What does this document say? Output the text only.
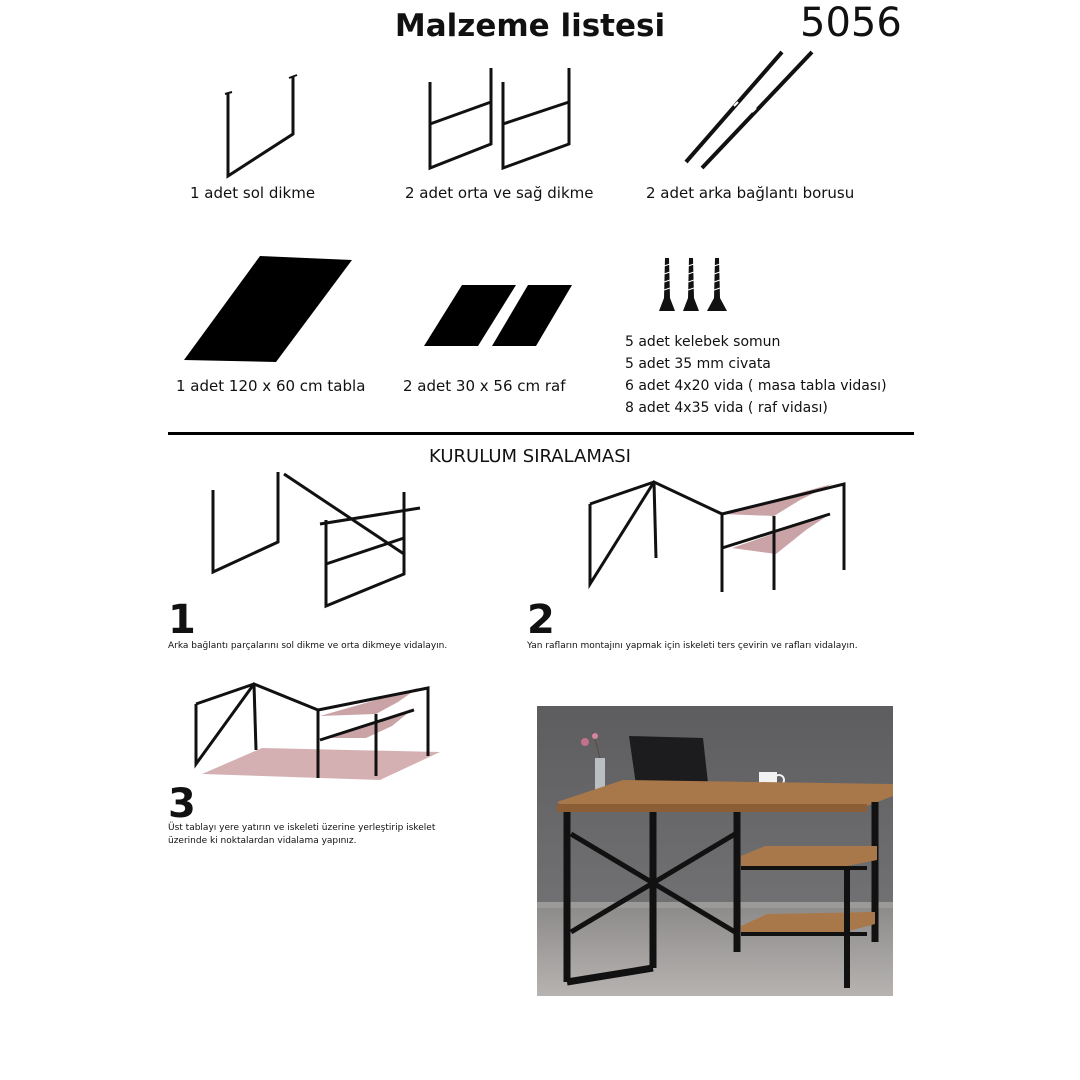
Malzeme listesi	5056
1 adet sol dikme	2 adet orta ve sağ dikme	2 adet arka bağlantı borusu
1 adet 120 x 60 cm tabla	2 adet 30 x 56 cm raf
5 adet kelebek somun
5 adet 35 mm civata
6 adet 4x20 vida ( masa tabla vidası)
8 adet 4x35 vida ( raf vidası)
KURULUM SIRALAMASI
1
Arka bağlantı parçalarını sol dikme ve orta dikmeye vidalayın.
2
Yan rafların montajını yapmak için iskeleti ters çevirin ve rafları vidalayın.
3
Üst tablayı yere yatırın ve iskeleti üzerine yerleştirip iskelet üzerinde ki noktalardan vidalama yapınız.
